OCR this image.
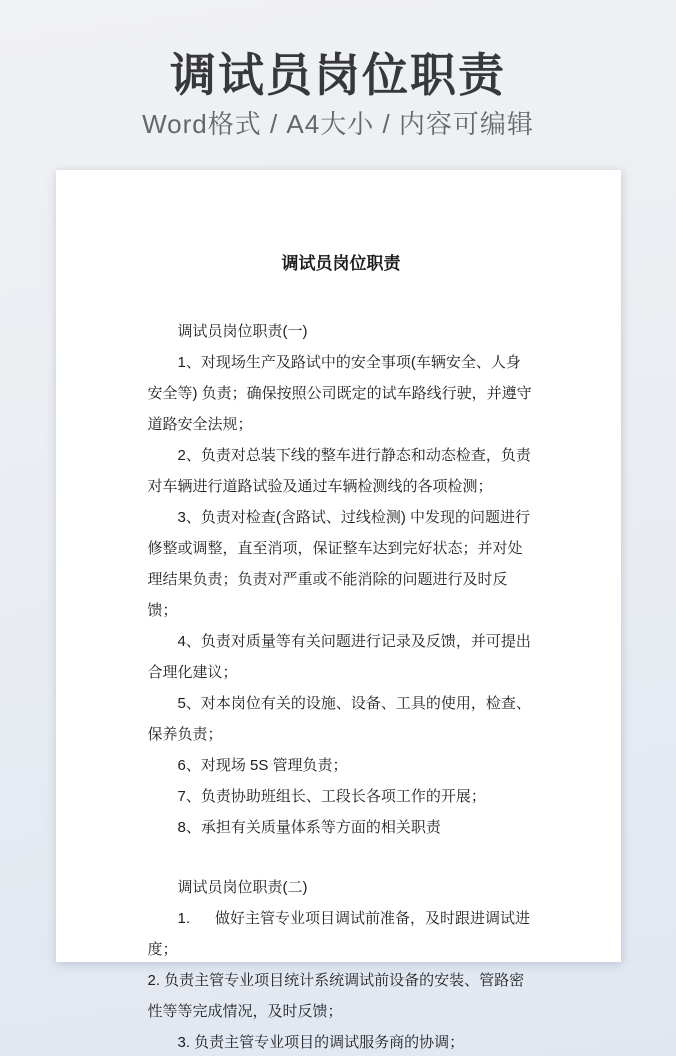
调试员岗位职责
Word格式 / A4大小 / 内容可编辑
调试员岗位职责

调试员岗位职责(一)

1、对现场生产及路试中的安全事项(车辆安全、人身安全等) 负责；确保按照公司既定的试车路线行驶，并遵守道路安全法规；

2、负责对总装下线的整车进行静态和动态检查，负责对车辆进行道路试验及通过车辆检测线的各项检测；

3、负责对检查(含路试、过线检测) 中发现的问题进行修整或调整，直至消项，保证整车达到完好状态；并对处理结果负责；负责对严重或不能消除的问题进行及时反馈；

4、负责对质量等有关问题进行记录及反馈，并可提出合理化建议；

5、对本岗位有关的设施、设备、工具的使用，检查、保养负责；

6、对现场 5S 管理负责；

7、负责协助班组长、工段长各项工作的开展；

8、承担有关质量体系等方面的相关职责

调试员岗位职责(二)

1.      做好主管专业项目调试前准备，及时跟进调试进度；

2. 负责主管专业项目统计系统调试前设备的安装、管路密性等等完成情况，及时反馈；

3. 负责主管专业项目的调试服务商的协调；
